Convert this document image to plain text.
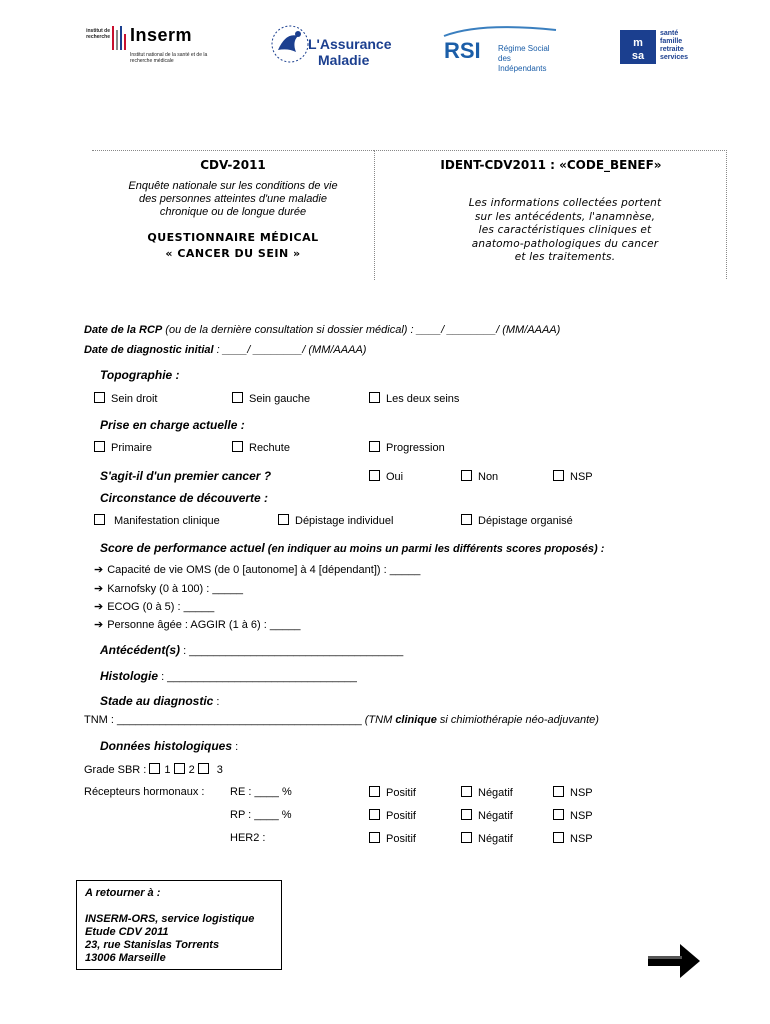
institut de
recherche Inserm
Institut national de la santé et de la recherche médicale
L'Assurance
Maladie	RSI Régime Social
des Indépendants
m
sa
santé
famille
retraite
services
CDV-2011
Enquête nationale sur les conditions de vie
des personnes atteintes d'une maladie
chronique ou de longue durée
QUESTIONNAIRE MÉDICAL
« CANCER DU SEIN »
IDENT-CDV2011 : «CODE_BENEF»
Les informations collectées portent
sur les antécédents, l'anamnèse,
les caractéristiques cliniques et
anatomo-pathologiques du cancer
et les traitements.
Date de la RCP (ou de la dernière consultation si dossier médical) : ____/ ________/ (MM/AAAA)
Date de diagnostic initial : ____/ ________/ (MM/AAAA)
Topographie :
Sein droit	Sein gauche	Les deux seins
Prise en charge actuelle :
Primaire	Rechute	Progression
S'agit-il d'un premier cancer ?	Oui	Non	NSP
Circonstance de découverte :
Manifestation clinique	Dépistage individuel	Dépistage organisé
Score de performance actuel (en indiquer au moins un parmi les différents scores proposés) :
➔ Capacité de vie OMS (de 0 [autonome] à 4 [dépendant]) : _____
➔ Karnofsky (0 à 100) : _____
➔ ECOG (0 à 5) : _____
➔ Personne âgée : AGGIR (1 à 6) : _____
Antécédent(s) : ___________________________________
Histologie : _______________________________
Stade au diagnostic :
TNM : ________________________________________ (TNM clinique si chimiothérapie néo-adjuvante)
Données histologiques :
Grade SBR : 1 2 3
Récepteurs hormonaux : RE : ____ %	Positif	Négatif	NSP
RP : ____ %	Positif	Négatif	NSP
HER2 :	Positif	Négatif	NSP
A retourner à :
INSERM-ORS, service logistique
Etude CDV 2011
23, rue Stanislas Torrents
13006 Marseille
